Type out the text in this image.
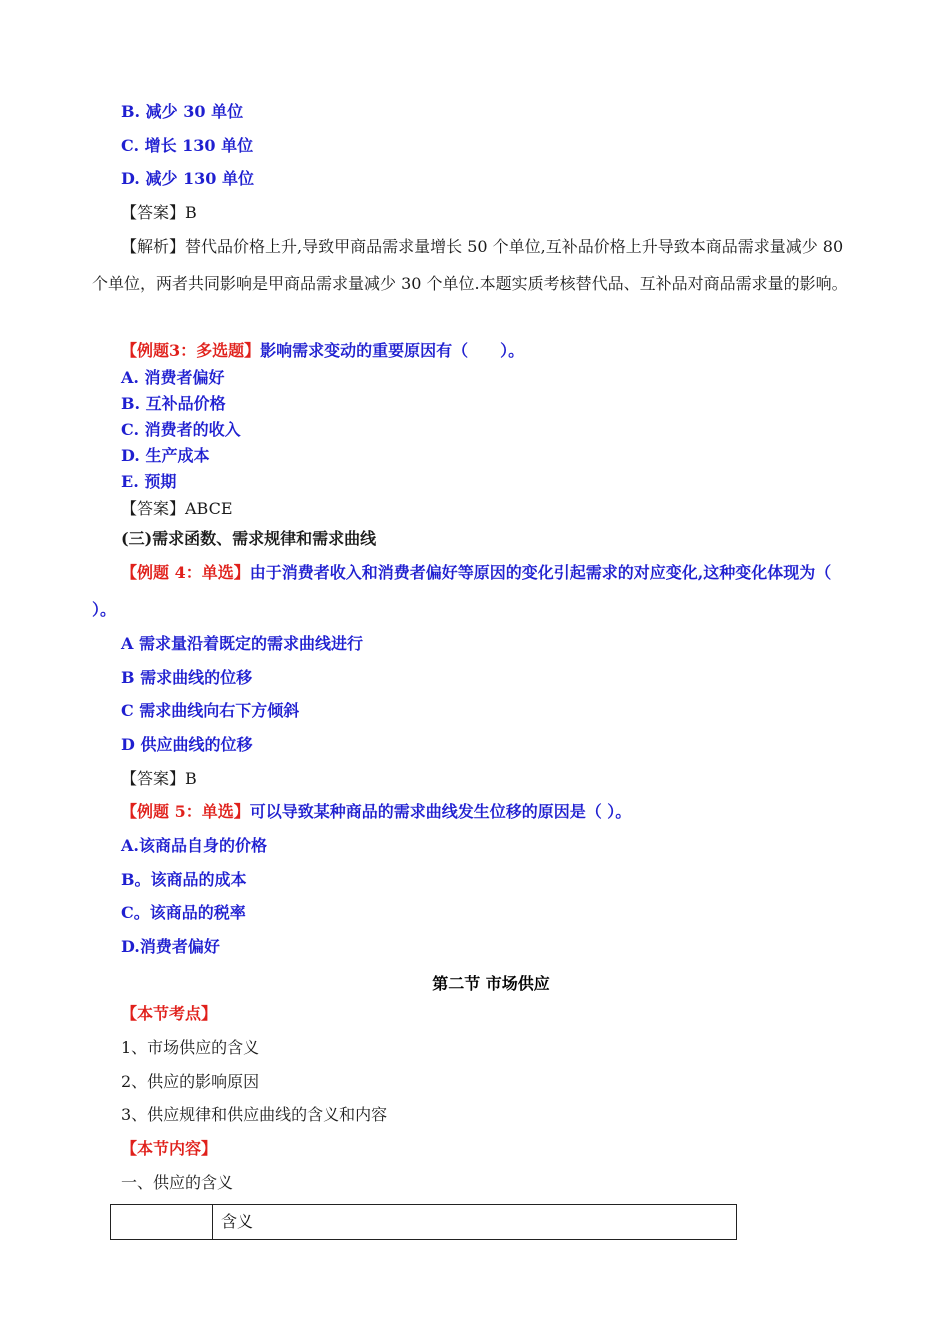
B. 减少 30 单位
C. 增长 130 单位
D. 减少 130 单位
【答案】B
【解析】替代品价格上升,导致甲商品需求量增长 50 个单位,互补品价格上升导致本商品需求量减少 80 个单位，两者共同影响是甲商品需求量减少 30 个单位.本题实质考核替代品、互补品对商品需求量的影响。
【例题3：多选题】影响需求变动的重要原因有（　　）。
A. 消费者偏好
B. 互补品价格
C. 消费者的收入
D. 生产成本
E. 预期
【答案】ABCE
(三)需求函数、需求规律和需求曲线
【例题 4：单选】由于消费者收入和消费者偏好等原因的变化引起需求的对应变化,这种变化体现为（　 ）。
A 需求量沿着既定的需求曲线进行
B 需求曲线的位移
C 需求曲线向右下方倾斜
D 供应曲线的位移
【答案】B
【例题 5：单选】可以导致某种商品的需求曲线发生位移的原因是（ ）。
A.该商品自身的价格
B。该商品的成本
C。该商品的税率
D.消费者偏好
第二节 市场供应
【本节考点】
1、市场供应的含义
2、供应的影响原因
3、供应规律和供应曲线的含义和内容
【本节内容】
一、供应的含义
	含义
